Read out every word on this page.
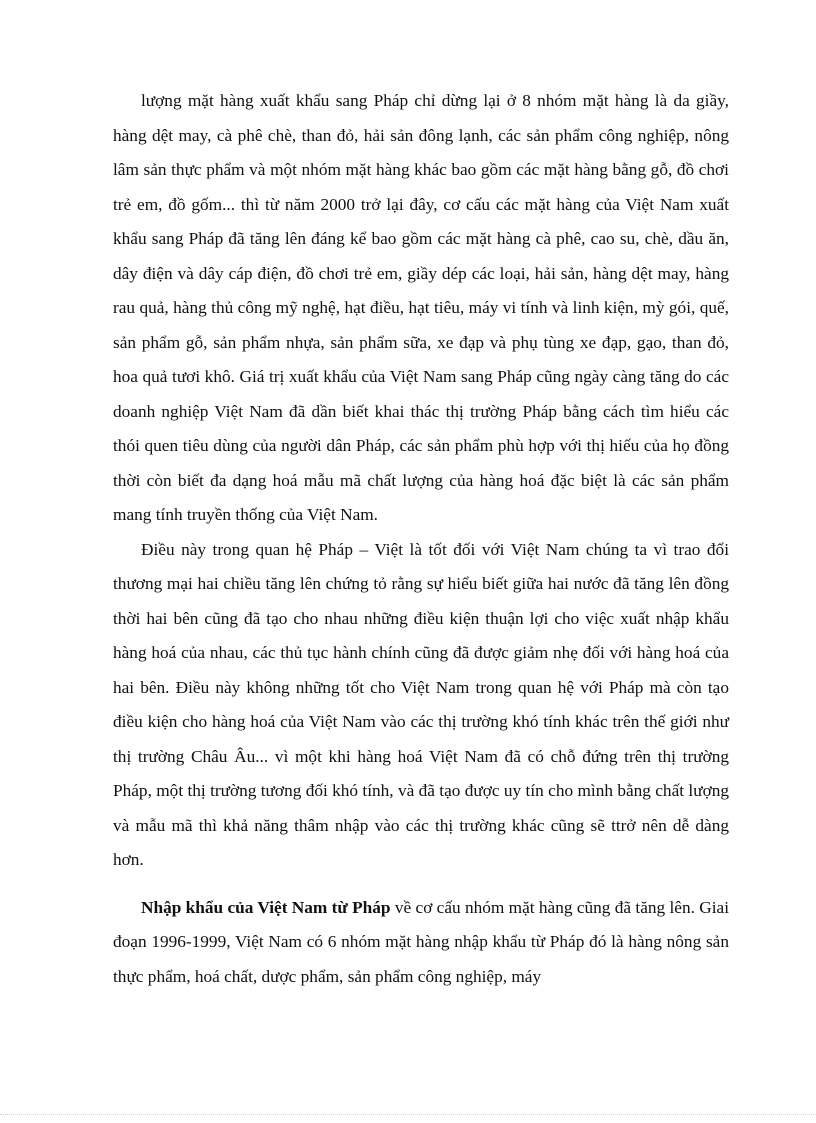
lượng mặt hàng xuất khẩu sang Pháp chỉ dừng lại ở 8 nhóm mặt hàng là da giầy, hàng dệt may, cà phê chè, than đỏ, hải sản đông lạnh, các sản phẩm công nghiệp, nông lâm sản thực phẩm và một nhóm mặt hàng khác bao gồm các mặt hàng bằng gỗ, đồ chơi trẻ em, đồ gốm... thì từ năm 2000 trở lại đây, cơ cấu các mặt hàng của Việt Nam xuất khẩu sang Pháp đã tăng lên đáng kể bao gồm các mặt hàng cà phê, cao su, chè, dầu ăn, dây điện và dây cáp điện, đồ chơi trẻ em, giầy dép các loại, hải sản, hàng dệt may, hàng rau quả, hàng thủ công mỹ nghệ, hạt điều, hạt tiêu, máy vi tính và linh kiện, mỳ gói, quế, sản phẩm gỗ, sản phẩm nhựa, sản phẩm sữa, xe đạp và phụ tùng xe đạp, gạo, than đỏ, hoa quả tươi khô. Giá trị xuất khẩu của Việt Nam sang Pháp cũng ngày càng tăng do các doanh nghiệp Việt Nam đã dần biết khai thác thị trường Pháp bằng cách tìm hiểu các thói quen tiêu dùng của người dân Pháp, các sản phẩm phù hợp với thị hiếu của họ đồng thời còn biết đa dạng hoá mẫu mã chất lượng của hàng hoá đặc biệt là các sản phẩm mang tính truyền thống của Việt Nam.

Điều này trong quan hệ Pháp – Việt là tốt đối với Việt Nam chúng ta vì trao đổi thương mại hai chiều tăng lên chứng tỏ rằng sự hiểu biết giữa hai nước đã tăng lên đồng thời hai bên cũng đã tạo cho nhau những điều kiện thuận lợi cho việc xuất nhập khẩu hàng hoá của nhau, các thủ tục hành chính cũng đã được giảm nhẹ đối với hàng hoá của hai bên. Điều này không những tốt cho Việt Nam trong quan hệ với Pháp mà còn tạo điều kiện cho hàng hoá của Việt Nam vào các thị trường khó tính khác trên thế giới như thị trường Châu Âu... vì một khi hàng hoá Việt Nam đã có chỗ đứng trên thị trường Pháp, một thị trường tương đối khó tính, và đã tạo được uy tín cho mình bằng chất lượng và mẫu mã thì khả năng thâm nhập vào các thị trường khác cũng sẽ ttrở nên dễ dàng hơn.

Nhập khẩu của Việt Nam từ Pháp về cơ cấu nhóm mặt hàng cũng đã tăng lên. Giai đoạn 1996-1999, Việt Nam có 6 nhóm mặt hàng nhập khẩu từ Pháp đó là hàng nông sản thực phẩm, hoá chất, dược phẩm, sản phẩm công nghiệp, máy
